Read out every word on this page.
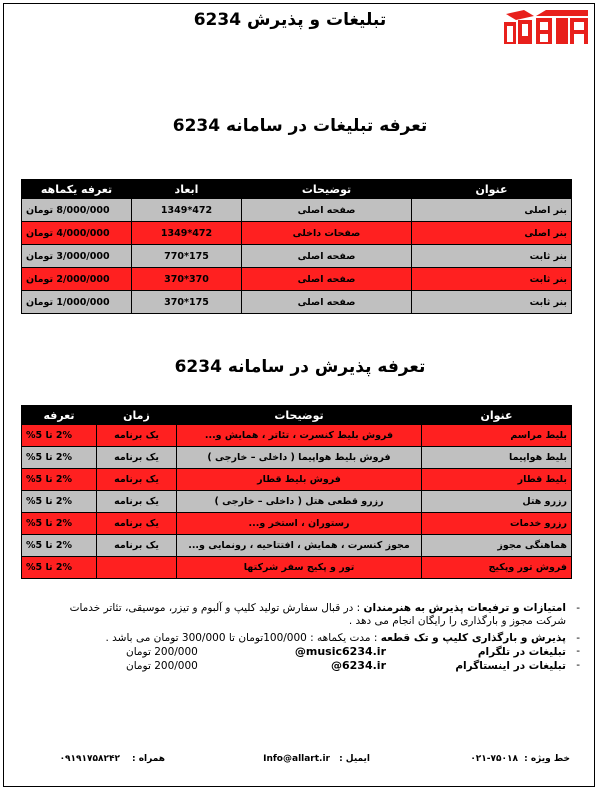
تبلیغات و پذیرش 6234
تعرفه تبلیغات در سامانه 6234
عنوان	توضیحات	ابعاد	تعرفه یکماهه
بنر اصلی	صفحه اصلی	472*1349	8/000/000 تومان
بنر اصلی	صفحات داخلی	472*1349	4/000/000 تومان
بنر ثابت	صفحه اصلی	175*770	3/000/000 تومان
بنر ثابت	صفحه اصلی	370*370	2/000/000 تومان
بنر ثابت	صفحه اصلی	175*370	1/000/000 تومان
تعرفه پذیرش در سامانه 6234
عنوان	توضیحات	زمان	تعرفه
بلیط مراسم	فروش بلیط کنسرت ، تئاتر ، همایش و...	یک برنامه	2% تا 5%
بلیط هواپیما	فروش بلیط هواپیما ( داخلی – خارجی )	یک برنامه	2% تا 5%
بلیط قطار	فروش بلیط قطار	یک برنامه	2% تا 5%
رزرو هتل	رزرو قطعی هتل ( داخلی – خارجی )	یک برنامه	2% تا 5%
رزرو خدمات	رستوران ، استخر و...	یک برنامه	2% تا 5%
هماهنگی مجوز	مجوز کنسرت ، همایش ، افتتاحیه ، رونمایی و...	یک برنامه	2% تا 5%
فروش تور وپکیج	تور و پکیج سفر شرکتها		2% تا 5%
-
امتیازات و ترفیعات پذیرش به هنرمندان : در قبال سفارش تولید کلیپ و آلبوم و تیزر، موسیقی، تئاتر خدمات شرکت مجوز و بارگذاری را رایگان انجام می دهد .
-
پذیرش و بارگذاری کلیپ و تک قطعه : مدت یکماهه : 100/000تومان تا 300/000 تومان می باشد .
-
تبلیغات در تلگرام
@music6234.ir
200/000 تومان
-
تبلیغات در اینستاگرام
@6234.ir
200/000 تومان
خط ویژه :
۰۲۱-۷۵۰۱۸
ایمیل :
Info@allart.ir
همراه :
۰۹۱۹۱۷۵۸۲۴۲
